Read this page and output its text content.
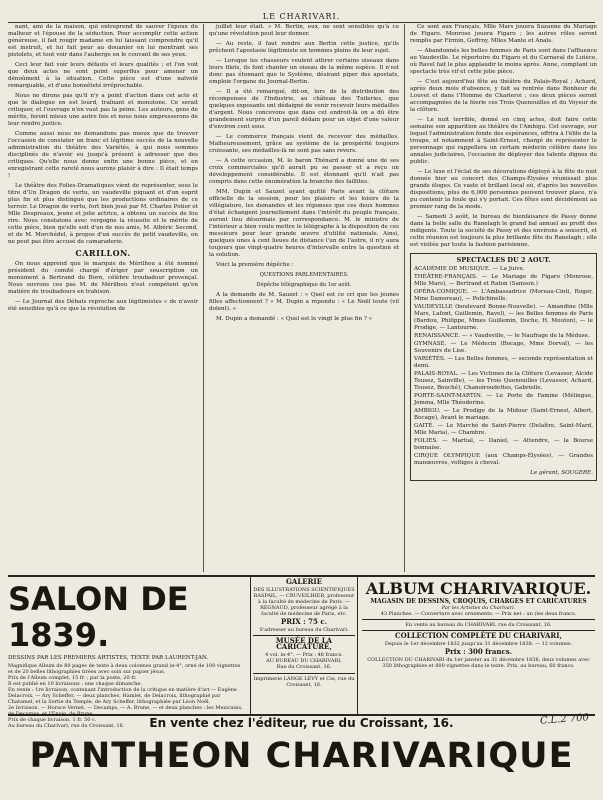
LE CHARIVARI.

nant, ami de la maison, qui entreprend de sauver l'époux du malheur et l'épouse de la séduction. Pour accomplir cette action généreuse, il fait rougir madame en lui laissant comprendre qu'il est instruit, et lui fait peur au douanier en lui montrant ses pistolets, et tout voir dans l'auberge en le couvant de ses yeux.

Ceci leur fait voir leurs défauts et leurs qualités ; et l'on voit que deux actes ne sont point superflus pour amener un dénoûment à la situation. Cette pièce est d'une naïveté remarquable, et d'une honnêteté irréprochable.

Nous ne dirons pas qu'il n'y a point d'action dans cet acte et que le dialogue en est lourd, traînant et monotone. Ce serait critiquer, et l'ouvrage n'en vaut pas la peine. Les auteurs, gens de mérite, feront mieux une autre fois et nous nous empresserons de leur rendre justice.

Comme aussi nous ne demandons pas mieux que de trouver l'occasion de constater un franc et légitime succès de la nouvelle administration du théâtre des Variétés, à qui nous sommes disciplinés de n'avoir eu jusqu'à présent à adresser que des critiques. Qu'elle nous donne enfin une bonne pièce, et en enregistrant cette rareté nous aurons plaisir à dire : Il était temps !

Le théâtre des Folies-Dramatiques vient de représenter, sous le titre d'Un Dragon de vertu, un vaudeville piquant et d'un esprit plus fin et plus distingué que les productions ordinaires de ce terroir. Le Dragon de vertu, fort bien joué par M. Charles Potier et Mlle Despreaux, jeune et jolie actrice, a obtenu un succès de fou rire. Nous constatons avec vergogne la réussite et le mérite de cette pièce, bien qu'elle soit d'un de nos amis, M. Albéric Second, et de M. Morchédel, à propos d'un succès de petit vaudeville, on ne peut pas être accusé de camaraderie.

CARILLON.

On nous apprend que le marquis de Mérilhou a été nommé président du comité chargé d'ériger par souscription un monument à Bertrand de Born, célèbre troubadour provençal. Nous ouvrons ces pas M. de Mérilhou n'est compétent qu'en matière de troubadours en trahison.

— Le Journal des Débats reproche aux légitimistes « de n'avoir été sensibles qu'à ce que la révolution de

juillet leur était. » M. Bertin, eux, ne sont sensibles qu'à ce qu'une révolution peut leur donner.

— Au reste, il faut rendre aux Bertin cette justice, qu'ils prêchent l'apostasie légitimiste en hommes pleins de leur sujet.

— Lorsque les chasseurs veulent attirer certains oiseaux dans leurs filets, ils font chanter un oiseau de la même espèce. Il n'est donc pas étonnant que le Système, désirant piper des apostats, emploie l'organe du Journal-Bertin.

— Il a été remarqué, dit-on, lors de la distribution des récompenses de l'Industrie, au château des Tuileries, que quelques exposants ont dédaigné de venir recevoir leurs médailles d'argent. Nous concevons que dans cet endroit-là on a dû être grandement surpris d'un pareil dédain pour un objet d'une valeur d'environ cent sous.

— Le commerce français vient de recevoir des médailles. Malheureusement, grâce au système de la prospérité toujours croissante, ses médailles-là ne sont pas sans revers.

— A cette occasion, M. le baron Thénard a donné une de ses croix commerciales qu'il aurait pu se passer et a reçu un développement considérable. Il est étonnant qu'il n'ait pas compris dans cette énumération la branche des faillites.

MM. Dupin et Sauzet ayant quitté Paris avant la clôture officielle de la session, pour les plaisirs et les loisirs de la villégiature, les demandes et les réponses que ces deux hommes d'état échangent journellement dans l'intérêt du peuple français, auront lieu désormais par correspondance. M. le ministre de l'intérieur a bien voulu mettre le télégraphe à la disposition de ces messieurs pour leur grande œuvre d'utilité nationale. Ainsi, quelques unes à cent lieues de distance l'un de l'autre, il n'y aura toujours que vingt-quatre heures d'intervalle entre la question et la solution.

Voici la première dépêche :

QUESTIONS PARLEMENTAIRES.
Dépêche télégraphique du 1er août.

A la demande de M. Sauzet : « Quel est ce cri que les jeunes filles affectionnent ? » M. Dupin a répondu : « Le Noël toute (vil dolent). »

M. Dupin a demandé : « Quel est le vingt le plus fin ? »

Ce sont aux Français, Mlle Mars jouera Suzanne du Mariage de Figaro. Monrose jouera Figaro ; les autres rôles seront remplis par Firmin, Geffroy, Mlles Mante et Anaïs.

— Abandonnés les belles femmes de Paris sont dans l'affluence au Vaudeville. Le répertoire du Figaro et du Carnaval de Lutèce, où Ravel fait le plus applaudir le moins après. Anne, comptant un spectacle très vif et cette jolie pièce.

— C'est aujourd'hui fête au théâtre du Palais-Royal ; Achard, après deux mois d'absence, y fait sa rentrée dans Bonheur de Louvet et dans l'Homme de Charleroi ; ces deux pièces seront accompagnées de la féerie ces Trois Quenouilles et du Voyeur de la clôture.

— Le nuit terrible, donné en cinq actes, doit faire cette semaine son apparition au théâtre de l'Ambigu. Cet ouvrage, sur lequel l'administration fonde des espérances, offrira à l'élite de la troupe, et notamment à Saint-Ernest, chargé de représenter le personnage qui rappellera un certain médecin célèbre dans les annales judiciaires, l'occasion de déployer des talents dignes du public.

— Le luxe et l'éclat de ses décorations déployé à la fête de nuit donnée hier au concert des Champs-Élysées réunissait plus grands éloges. Ce vaste et brillant local où, d'après les nouvelles dispositions, plus de 6,000 personnes peuvent trouver place, n'a pu contenir la foule qui s'y portait. Ces fêtes sont décidément au premier rang de la mode.

— Samedi 3 août, le bureau de bienfaisance de Passy donne dans la belle salle du Ranelagh le grand bal annuel au profit des indigents. Toute la société de Passy et des environs a souscrit, et cette réunion est toujours la plus brillante fête du Ranelagh ; elle est visitée par toute la fashion parisienne.

SPECTACLES DU 2 AOUT.

ACADÉMIE DE MUSIQUE. — La Juive.

THÉÂTRE-FRANÇAIS. — Le Mariage de Figaro (Monrose, Mlle Mars), — Bertrand et Raton (Samson.)

OPÉRA-COMIQUE. — L'Ambassadrice (Moreau-Cinti, Roger, Mme Damoreau), — Polichinelle.

VAUDEVILLE (boulevard Bonne-Nouvelle). — Amandine (Mlle Mars, Lafont, Guillemin, Ravel), — les Belles femmes de Paris (Bardou, Philippe, Mmes Guillemin, Doche, H. Mouton), — le Prodige, — Lantourne.

RENAISSANCE. — « Vaudeville, — le Naufrage de la Méduse.

GYMNASE. — Le Médecin (Bocage, Mme Dorval), — les Souvenirs de Lise.

VARIÉTÉS. — Les Belles femmes, — seconde représentation et demi.

PALAIS-ROYAL. — Les Victimes de la Clôture (Levassor, Alcide Tousez, Sainville), — les Trois Quenouilles (Levassor, Achard, Tousez, Bouché), Chanoiroudettes, Gabrielle.

PORTE-SAINT-MARTIN. — Le Porte de Famine (Mélingue, Jemma, Mlle Théodorine.

AMBIGU. — Le Prodige de la Midour (Saint-Ernest, Albert, Bocage), Avant le mariage.

GAITÉ. — Le Marché de Saint-Pierre (Delaître, Saint-Mard, Mlle Maria). — Chambre.

FOLIES. — Martial, — Daniel, — Attendre, — la Bourse bonnaise.

CIRQUE OLYMPIQUE (aux Champs-Élysées). — Grandes manœuvres, voltiges à cheval.

Le gérant, SOUGERE.
SALON DE 1839.
DESSINS PAR LES PREMIERS ARTISTES, TEXTE PAR LAURENT-JAN.
Magnifique Album de 80 pages de texte à deux colonnes grand in-4°, orné de 100 vignettes et de 20 belles lithographies tirées avec soin sur papier jésus.
Prix de l'Album complet, 15 fr. ; par la poste, 20 fr.
Il est publié en 10 livraisons : une chaque dimanche.
En vente : 1re livraison, contenant l'introduction de la critique en matière d'art — Eugène Delacroix, — Ary Scheffer, — deux planches, Hamlet, de Delacroix, lithographié par Chatamel, et la Sortie du Temple, de Ary Scheffer, lithographiée par Léon Noël.
2e livraison. — Horace Vernet, — Decamps, — A. Brune, — et deux planches : les Mexicains, de Decamps, et l'Envie, de Brune.
Prix de chaque livraison, 1 fr. 50 c.
Au bureau du Charivari, rue du Croissant, 16.
GALERIE
DES ILLUSTRATIONS SCIENTIFIQUES
RASPAIL, — CRUVEILHIER, professeur à la faculté de médecine de Paris. — RÉGNAUD, professeur agrégé à la faculté de médecine de Paris, etc.
PRIX : 75 c.
S'adresser au bureau du Charivari.
MUSÉE DE LA CARICATURE,
4 vol. in-4°. — Prix : 48 francs.
AU BUREAU DU CHARIVARI,
Rue du Croissant, 16.
Imprimerie LANGE LÉVY et Cie, rue du Croissant, 16.
ALBUM CHARIVARIQUE.
MAGASIN DE DESSINS, CROQUIS, CHARGES ET CARICATURES
Par les Artistes du Charivari.
43 Planches. — Couverture avec ornements. — Prix net : un (les deux francs.
En vente au bureau du CHARIVARI, rue du Croissant, 16.
COLLECTION COMPLÈTE DU CHARIVARI,
Depuis le 1er décembre 1832 jusqu'au 31 décembre 1838. — 12 volumes.
Prix : 300 francs.
COLLECTION DU CHARIVARI du 1er janvier au 31 décembre 1838, deux volumes avec 350 lithographies et 800 vignettes dans le texte. Prix, au bureau, 60 francs.
En vente chez l'éditeur, rue du Croissant, 16.	C.L.2 700
PANTHEON CHARIVARIQUE
